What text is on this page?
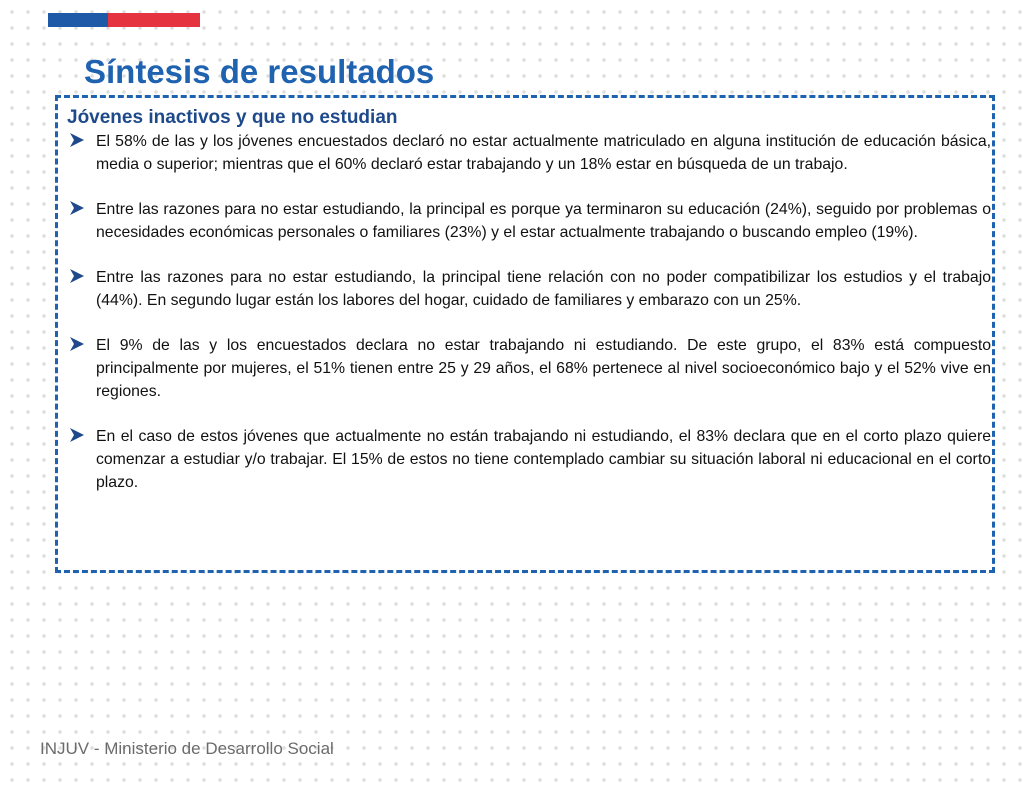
Síntesis de resultados
Jóvenes inactivos y que no estudian
El 58% de las y los jóvenes encuestados declaró no estar actualmente matriculado en alguna institución de educación básica, media o superior; mientras que el 60% declaró estar trabajando y un 18% estar en búsqueda de un trabajo.
Entre las razones para no estar estudiando, la principal es porque ya terminaron su educación (24%), seguido por problemas o necesidades económicas personales o familiares (23%) y el estar actualmente trabajando o buscando empleo (19%).
Entre las razones para no estar estudiando, la principal tiene relación con no poder compatibilizar los estudios y el trabajo (44%). En segundo lugar están los labores del hogar, cuidado de familiares y embarazo con un 25%.
El 9% de las y los encuestados declara no estar trabajando ni estudiando. De este grupo, el 83% está compuesto principalmente por mujeres, el 51% tienen entre 25 y 29 años, el 68% pertenece al nivel socioeconómico bajo y el 52% vive en regiones.
En el caso de estos jóvenes que actualmente no están trabajando ni estudiando, el 83% declara que en el corto plazo quiere comenzar a estudiar y/o trabajar. El 15% de estos no tiene contemplado cambiar su situación laboral ni educacional en el corto plazo.
INJUV - Ministerio de Desarrollo Social
